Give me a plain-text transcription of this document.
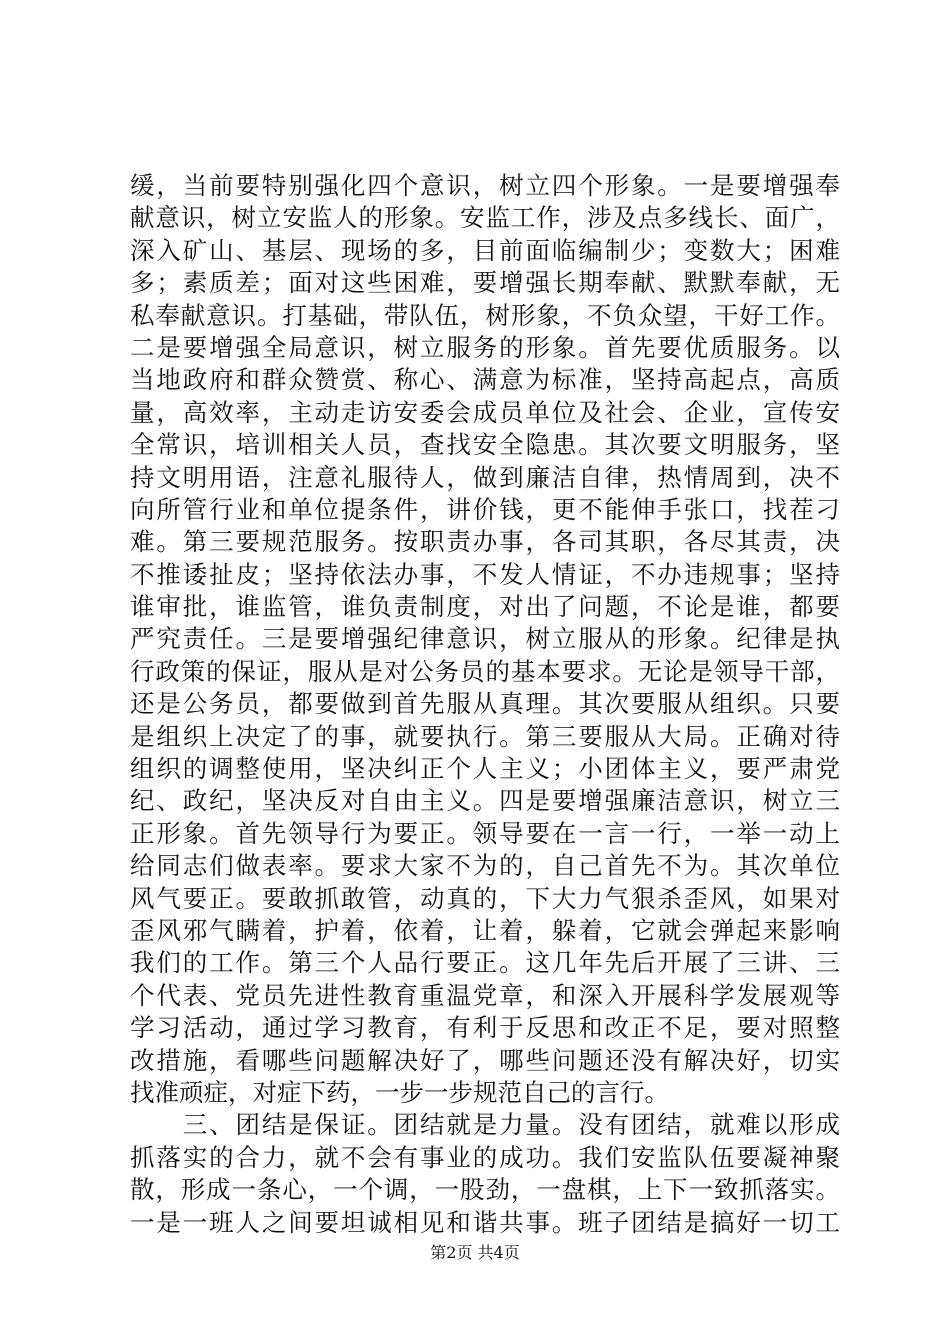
缓，当前要特别强化四个意识，树立四个形象。一是要增强奉
献意识，树立安监人的形象。安监工作，涉及点多线长、面广，
深入矿山、基层、现场的多，目前面临编制少；变数大；困难
多；素质差；面对这些困难，要增强长期奉献、默默奉献，无
私奉献意识。打基础，带队伍，树形象，不负众望，干好工作。
二是要增强全局意识，树立服务的形象。首先要优质服务。以
当地政府和群众赞赏、称心、满意为标准，坚持高起点，高质
量，高效率，主动走访安委会成员单位及社会、企业，宣传安
全常识，培训相关人员，查找安全隐患。其次要文明服务，坚
持文明用语，注意礼服待人，做到廉洁自律，热情周到，决不
向所管行业和单位提条件，讲价钱，更不能伸手张口，找茬刁
难。第三要规范服务。按职责办事，各司其职，各尽其责，决
不推诿扯皮；坚持依法办事，不发人情证，不办违规事；坚持
谁审批，谁监管，谁负责制度，对出了问题，不论是谁，都要
严究责任。三是要增强纪律意识，树立服从的形象。纪律是执
行政策的保证，服从是对公务员的基本要求。无论是领导干部，
还是公务员，都要做到首先服从真理。其次要服从组织。只要
是组织上决定了的事，就要执行。第三要服从大局。正确对待
组织的调整使用，坚决纠正个人主义；小团体主义，要严肃党
纪、政纪，坚决反对自由主义。四是要增强廉洁意识，树立三
正形象。首先领导行为要正。领导要在一言一行，一举一动上
给同志们做表率。要求大家不为的，自己首先不为。其次单位
风气要正。要敢抓敢管，动真的，下大力气狠杀歪风，如果对
歪风邪气瞒着，护着，依着，让着，躲着，它就会弹起来影响
我们的工作。第三个人品行要正。这几年先后开展了三讲、三
个代表、党员先进性教育重温党章，和深入开展科学发展观等
学习活动，通过学习教育，有利于反思和改正不足，要对照整
改措施，看哪些问题解决好了，哪些问题还没有解决好，切实
找准顽症，对症下药，一步一步规范自己的言行。
　　三、团结是保证。团结就是力量。没有团结，就难以形成
抓落实的合力，就不会有事业的成功。我们安监队伍要凝神聚
散，形成一条心，一个调，一股劲，一盘棋，上下一致抓落实。
一是一班人之间要坦诚相见和谐共事。班子团结是搞好一切工
第2页 共4页
